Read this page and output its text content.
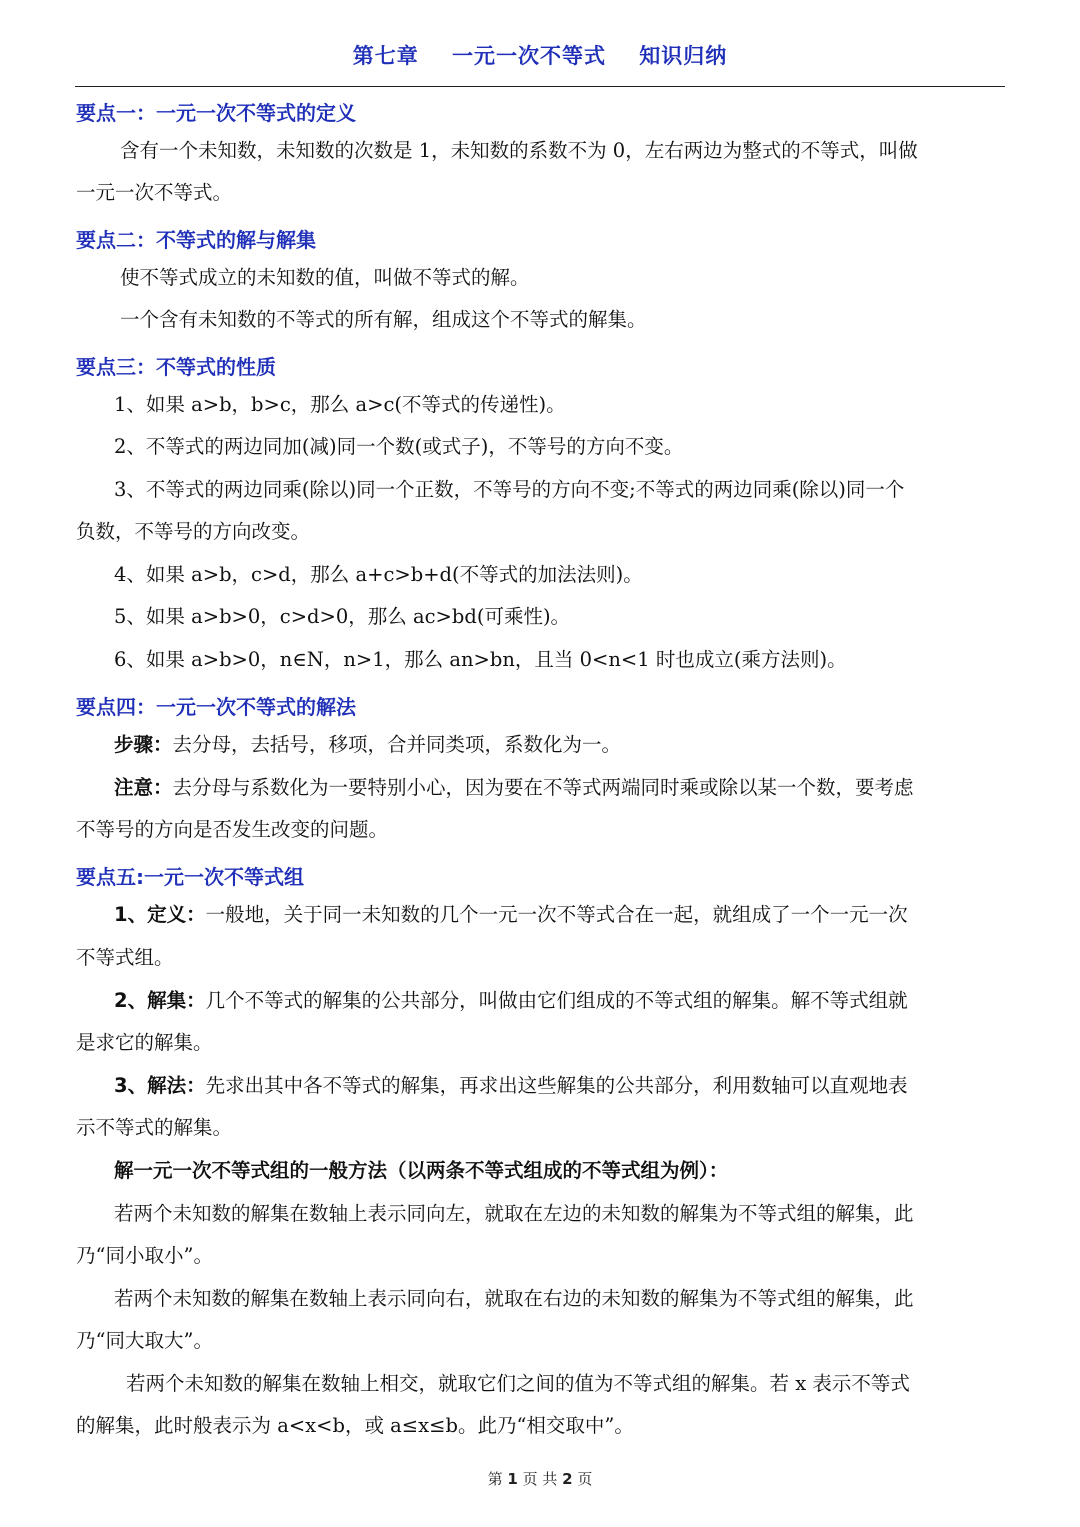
第七章    一元一次不等式    知识归纳
要点一：一元一次不等式的定义
含有一个未知数，未知数的次数是 1，未知数的系数不为 0，左右两边为整式的不等式，叫做
一元一次不等式。
要点二：不等式的解与解集
使不等式成立的未知数的值，叫做不等式的解。
一个含有未知数的不等式的所有解，组成这个不等式的解集。
要点三：不等式的性质
1、如果 a>b，b>c，那么 a>c(不等式的传递性)。
2、不等式的两边同加(减)同一个数(或式子)，不等号的方向不变。
3、不等式的两边同乘(除以)同一个正数，不等号的方向不变;不等式的两边同乘(除以)同一个
负数，不等号的方向改变。
4、如果 a>b，c>d，那么 a+c>b+d(不等式的加法法则)。
5、如果 a>b>0，c>d>0，那么 ac>bd(可乘性)。
6、如果 a>b>0，n∈N，n>1，那么 an>bn，且当 0<n<1 时也成立(乘方法则)。
要点四：一元一次不等式的解法
步骤：去分母，去括号，移项，合并同类项，系数化为一。
注意：去分母与系数化为一要特别小心，因为要在不等式两端同时乘或除以某一个数，要考虑
不等号的方向是否发生改变的问题。
要点五:一元一次不等式组
1、定义：一般地，关于同一未知数的几个一元一次不等式合在一起，就组成了一个一元一次
不等式组。
2、解集：几个不等式的解集的公共部分，叫做由它们组成的不等式组的解集。解不等式组就
是求它的解集。
3、解法：先求出其中各不等式的解集，再求出这些解集的公共部分，利用数轴可以直观地表
示不等式的解集。
解一元一次不等式组的一般方法（以两条不等式组成的不等式组为例）：
若两个未知数的解集在数轴上表示同向左，就取在左边的未知数的解集为不等式组的解集，此
乃“同小取小”。
若两个未知数的解集在数轴上表示同向右，就取在右边的未知数的解集为不等式组的解集，此
乃“同大取大”。
若两个未知数的解集在数轴上相交，就取它们之间的值为不等式组的解集。若 x 表示不等式
的解集，此时般表示为 a<x<b，或 a≤x≤b。此乃“相交取中”。
第 1 页 共 2 页
